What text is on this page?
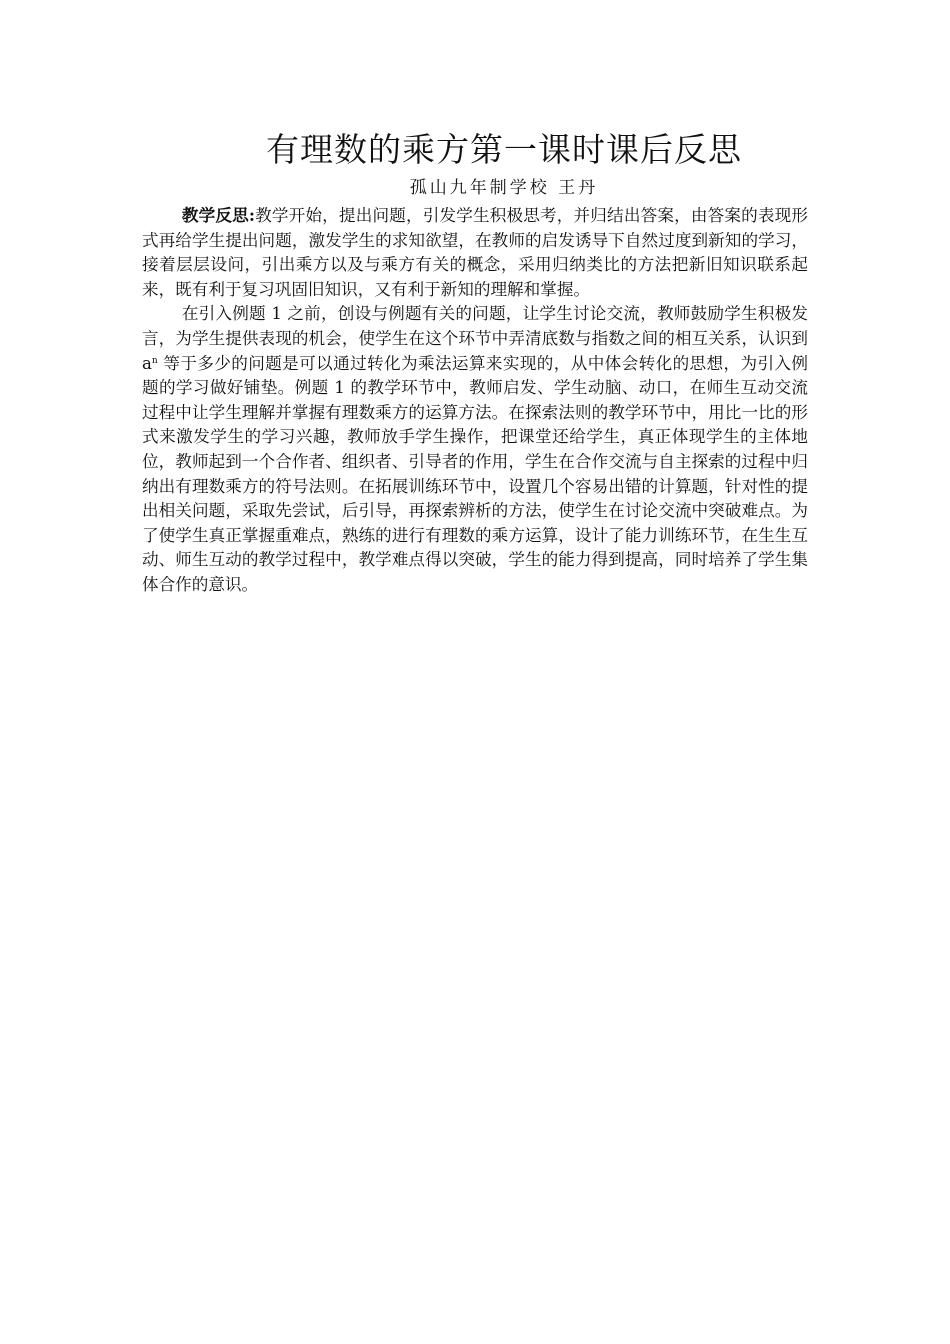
有理数的乘方第一课时课后反思
孤山九年制学校 王丹

教学反思:教学开始，提出问题，引发学生积极思考，并归结出答案，由答案的表现形式再给学生提出问题，激发学生的求知欲望，在教师的启发诱导下自然过度到新知的学习，接着层层设问，引出乘方以及与乘方有关的概念，采用归纳类比的方法把新旧知识联系起来，既有利于复习巩固旧知识，又有利于新知的理解和掌握。

在引入例题 1 之前，创设与例题有关的问题，让学生讨论交流，教师鼓励学生积极发言，为学生提供表现的机会，使学生在这个环节中弄清底数与指数之间的相互关系，认识到 $a^n$ 等于多少的问题是可以通过转化为乘法运算来实现的，从中体会转化的思想，为引入例题的学习做好铺垫。例题 1 的教学环节中，教师启发、学生动脑、动口，在师生互动交流过程中让学生理解并掌握有理数乘方的运算方法。在探索法则的教学环节中，用比一比的形式来激发学生的学习兴趣，教师放手学生操作，把课堂还给学生，真正体现学生的主体地位，教师起到一个合作者、组织者、引导者的作用，学生在合作交流与自主探索的过程中归纳出有理数乘方的符号法则。在拓展训练环节中，设置几个容易出错的计算题，针对性的提出相关问题，采取先尝试，后引导，再探索辨析的方法，使学生在讨论交流中突破难点。为了使学生真正掌握重难点，熟练的进行有理数的乘方运算，设计了能力训练环节，在生生互动、师生互动的教学过程中，教学难点得以突破，学生的能力得到提高，同时培养了学生集体合作的意识。
